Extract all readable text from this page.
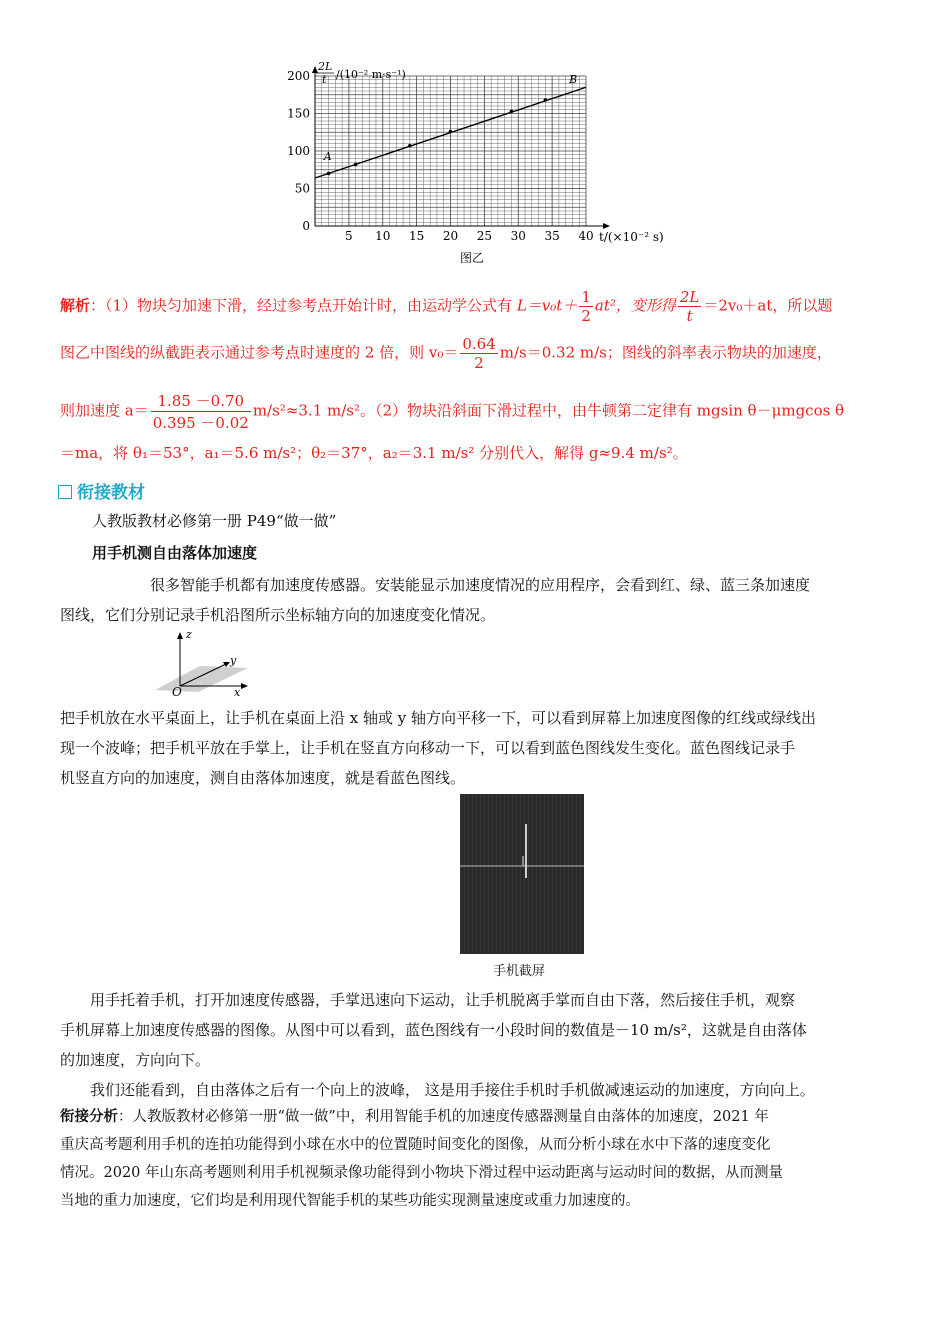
5 10 15 20 25 30 35 40
0
50
100
150
200
A
B
2L
t /(10⁻² m·s⁻¹)
t/(×10⁻² s)
图乙
解析：（1）物块匀加速下滑，经过参考点开始计时，由运动学公式有 $L=v_0t+ \frac{1}{2} at^2$，变形得 $\frac{2L}{t} =2v_0+at$，所以题
图乙中图线的纵截距表示通过参考点时速度的 2 倍，则 $v_0= \frac{0.64}{2} m/s=0.32$ m/s；图线的斜率表示物块的加速度，
则加速度 $a= \frac{1.85 -0.70}{0.395 -0.02} m/s^2\approx 3.1$ m/s²。（2）物块沿斜面下滑过程中，由牛顿第二定律有 mgsin θ－μmgcos θ
＝ma，将 θ₁＝53°，a₁＝5.6 m/s²；θ₂＝37°，a₂＝3.1 m/s² 分别代入，解得 g≈9.4 m/s²。
衔接教材
人教版教材必修第一册 P49“做一做”
用手机测自由落体加速度
很多智能手机都有加速度传感器。安装能显示加速度情况的应用程序，会看到红、绿、蓝三条加速度
图线，它们分别记录手机沿图所示坐标轴方向的加速度变化情况。
z
y
x
O
把手机放在水平桌面上，让手机在桌面上沿 x 轴或 y 轴方向平移一下，可以看到屏幕上加速度图像的红线或绿线出
现一个波峰；把手机平放在手掌上，让手机在竖直方向移动一下，可以看到蓝色图线发生变化。蓝色图线记录手
机竖直方向的加速度，测自由落体加速度，就是看蓝色图线。
手机截屏
用手托着手机，打开加速度传感器，手掌迅速向下运动，让手机脱离手掌而自由下落，然后接住手机，观察
手机屏幕上加速度传感器的图像。从图中可以看到，蓝色图线有一小段时间的数值是－10 m/s²，这就是自由落体
的加速度，方向向下。
我们还能看到，自由落体之后有一个向上的波峰， 这是用手接住手机时手机做减速运动的加速度，方向向上。
衔接分析：人教版教材必修第一册“做一做”中，利用智能手机的加速度传感器测量自由落体的加速度，2021 年
重庆高考题利用手机的连拍功能得到小球在水中的位置随时间变化的图像，从而分析小球在水中下落的速度变化
情况。2020 年山东高考题则利用手机视频录像功能得到小物块下滑过程中运动距离与运动时间的数据，从而测量
当地的重力加速度，它们均是利用现代智能手机的某些功能实现测量速度或重力加速度的。
